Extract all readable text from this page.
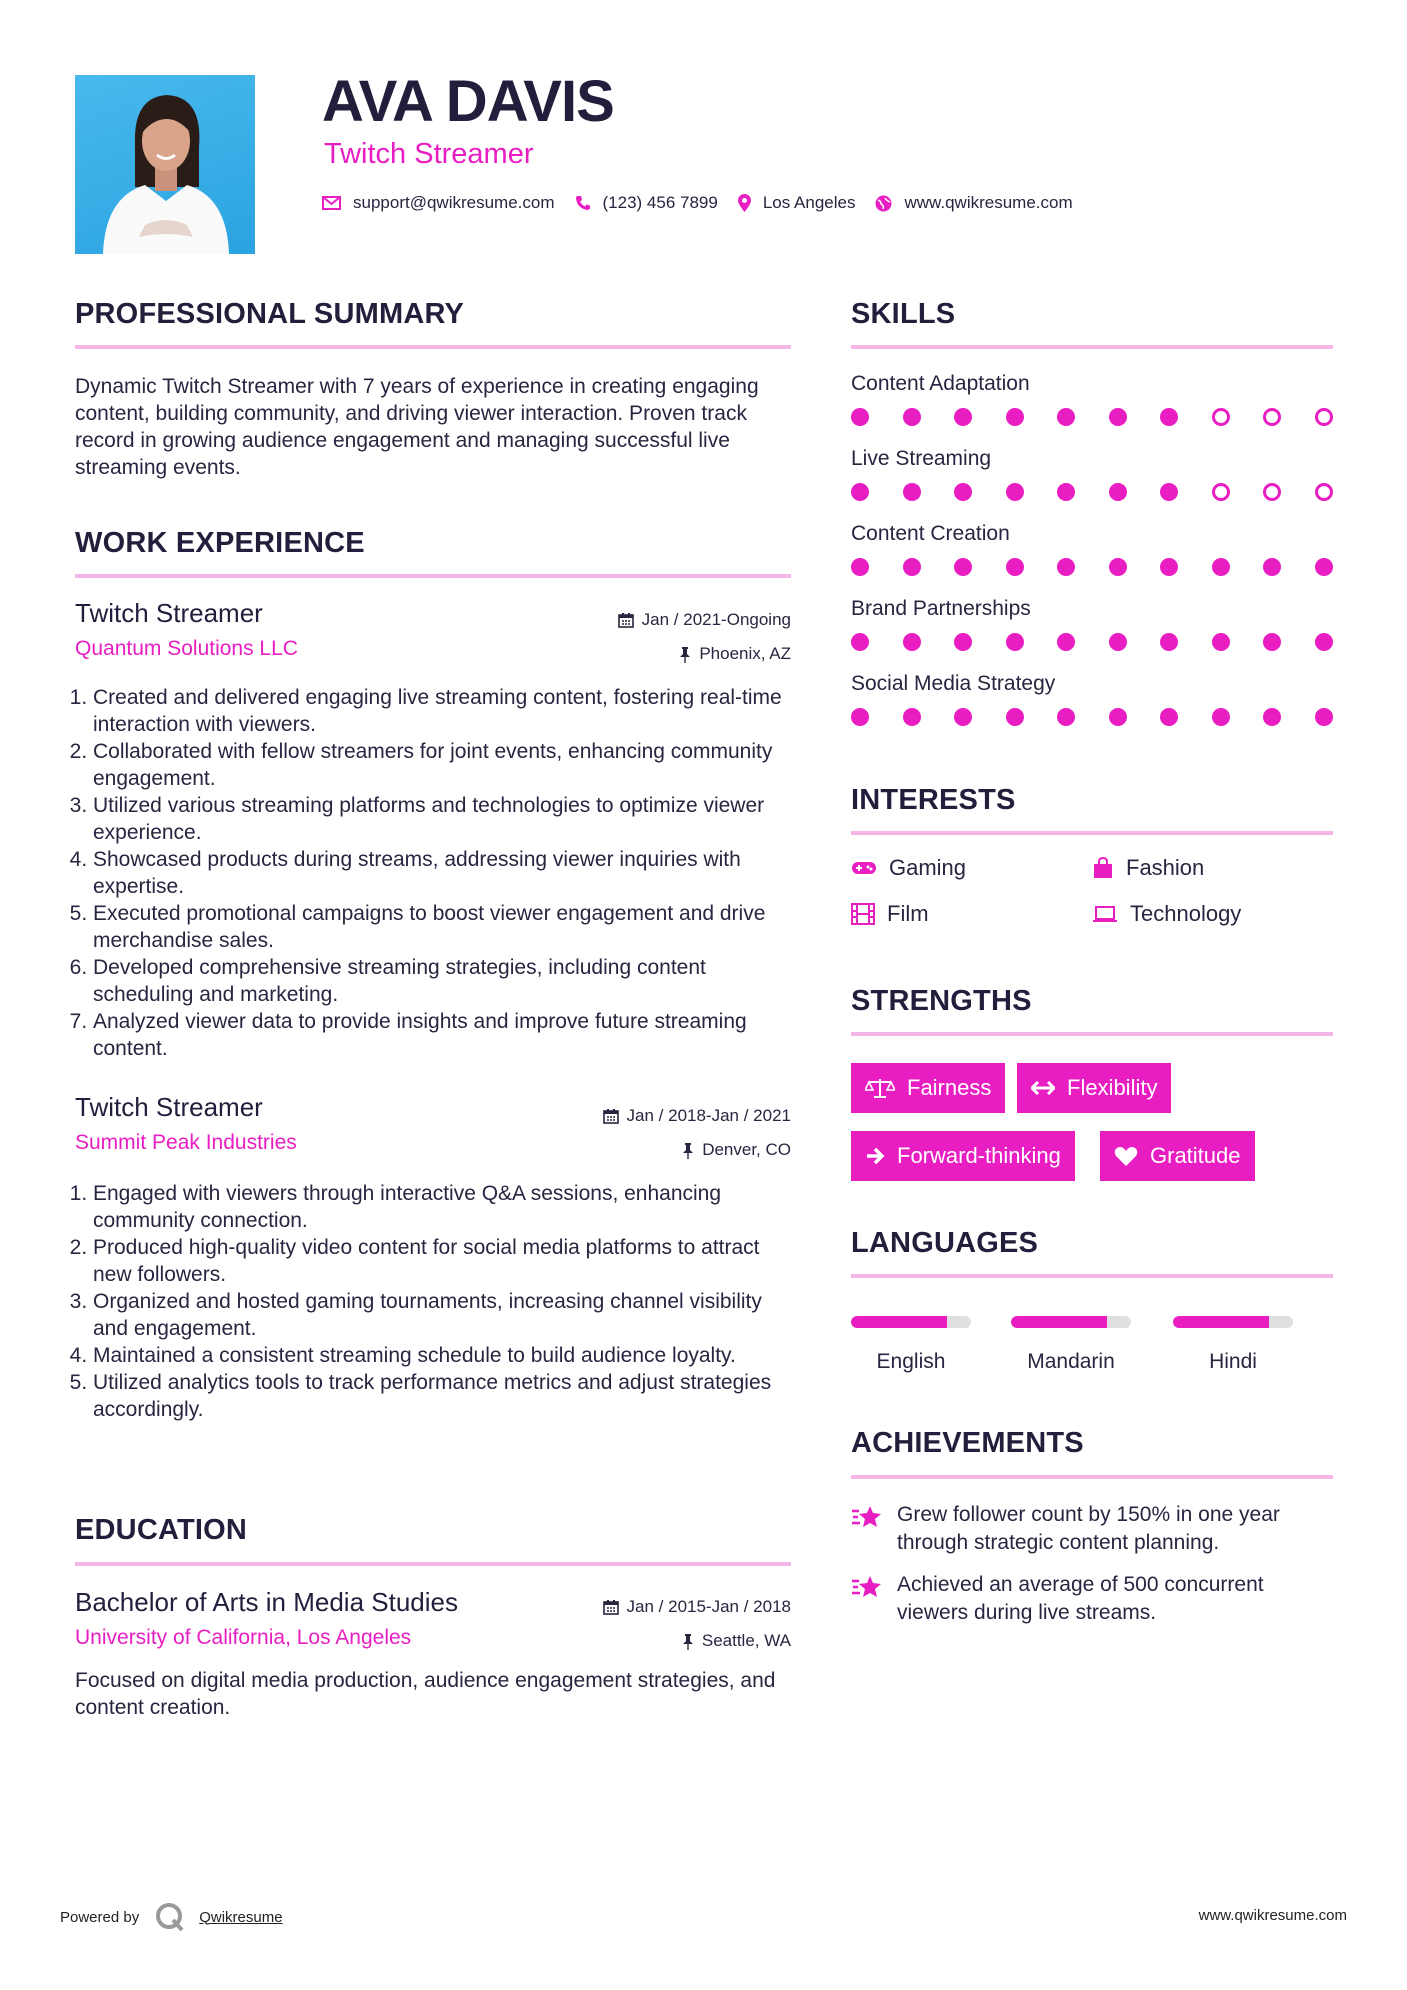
AVA DAVIS
Twitch Streamer
support@qwikresume.com	(123) 456 7899	Los Angeles	www.qwikresume.com
PROFESSIONAL SUMMARY
Dynamic Twitch Streamer with 7 years of experience in creating engaging content, building community, and driving viewer interaction. Proven track record in growing audience engagement and managing successful live streaming events.
WORK EXPERIENCE
Twitch Streamer
Quantum Solutions LLC
Jan / 2021-Ongoing
Phoenix, AZ
1. Created and delivered engaging live streaming content, fostering real-time interaction with viewers.
2. Collaborated with fellow streamers for joint events, enhancing community engagement.
3. Utilized various streaming platforms and technologies to optimize viewer experience.
4. Showcased products during streams, addressing viewer inquiries with expertise.
5. Executed promotional campaigns to boost viewer engagement and drive merchandise sales.
6. Developed comprehensive streaming strategies, including content scheduling and marketing.
7. Analyzed viewer data to provide insights and improve future streaming content.
Twitch Streamer
Summit Peak Industries
Jan / 2018-Jan / 2021
Denver, CO
1. Engaged with viewers through interactive Q&A sessions, enhancing community connection.
2. Produced high-quality video content for social media platforms to attract new followers.
3. Organized and hosted gaming tournaments, increasing channel visibility and engagement.
4. Maintained a consistent streaming schedule to build audience loyalty.
5. Utilized analytics tools to track performance metrics and adjust strategies accordingly.
EDUCATION
Bachelor of Arts in Media Studies
University of California, Los Angeles
Jan / 2015-Jan / 2018
Seattle, WA
Focused on digital media production, audience engagement strategies, and content creation.
SKILLS
Content Adaptation
Live Streaming
Content Creation
Brand Partnerships
Social Media Strategy
INTERESTS
Gaming	Fashion
Film	Technology
STRENGTHS
Fairness	Flexibility
Forward-thinking	Gratitude
LANGUAGES
English	Mandarin	Hindi
ACHIEVEMENTS
Grew follower count by 150% in one year through strategic content planning.
Achieved an average of 500 concurrent viewers during live streams.
Powered by	Qwikresume	www.qwikresume.com
